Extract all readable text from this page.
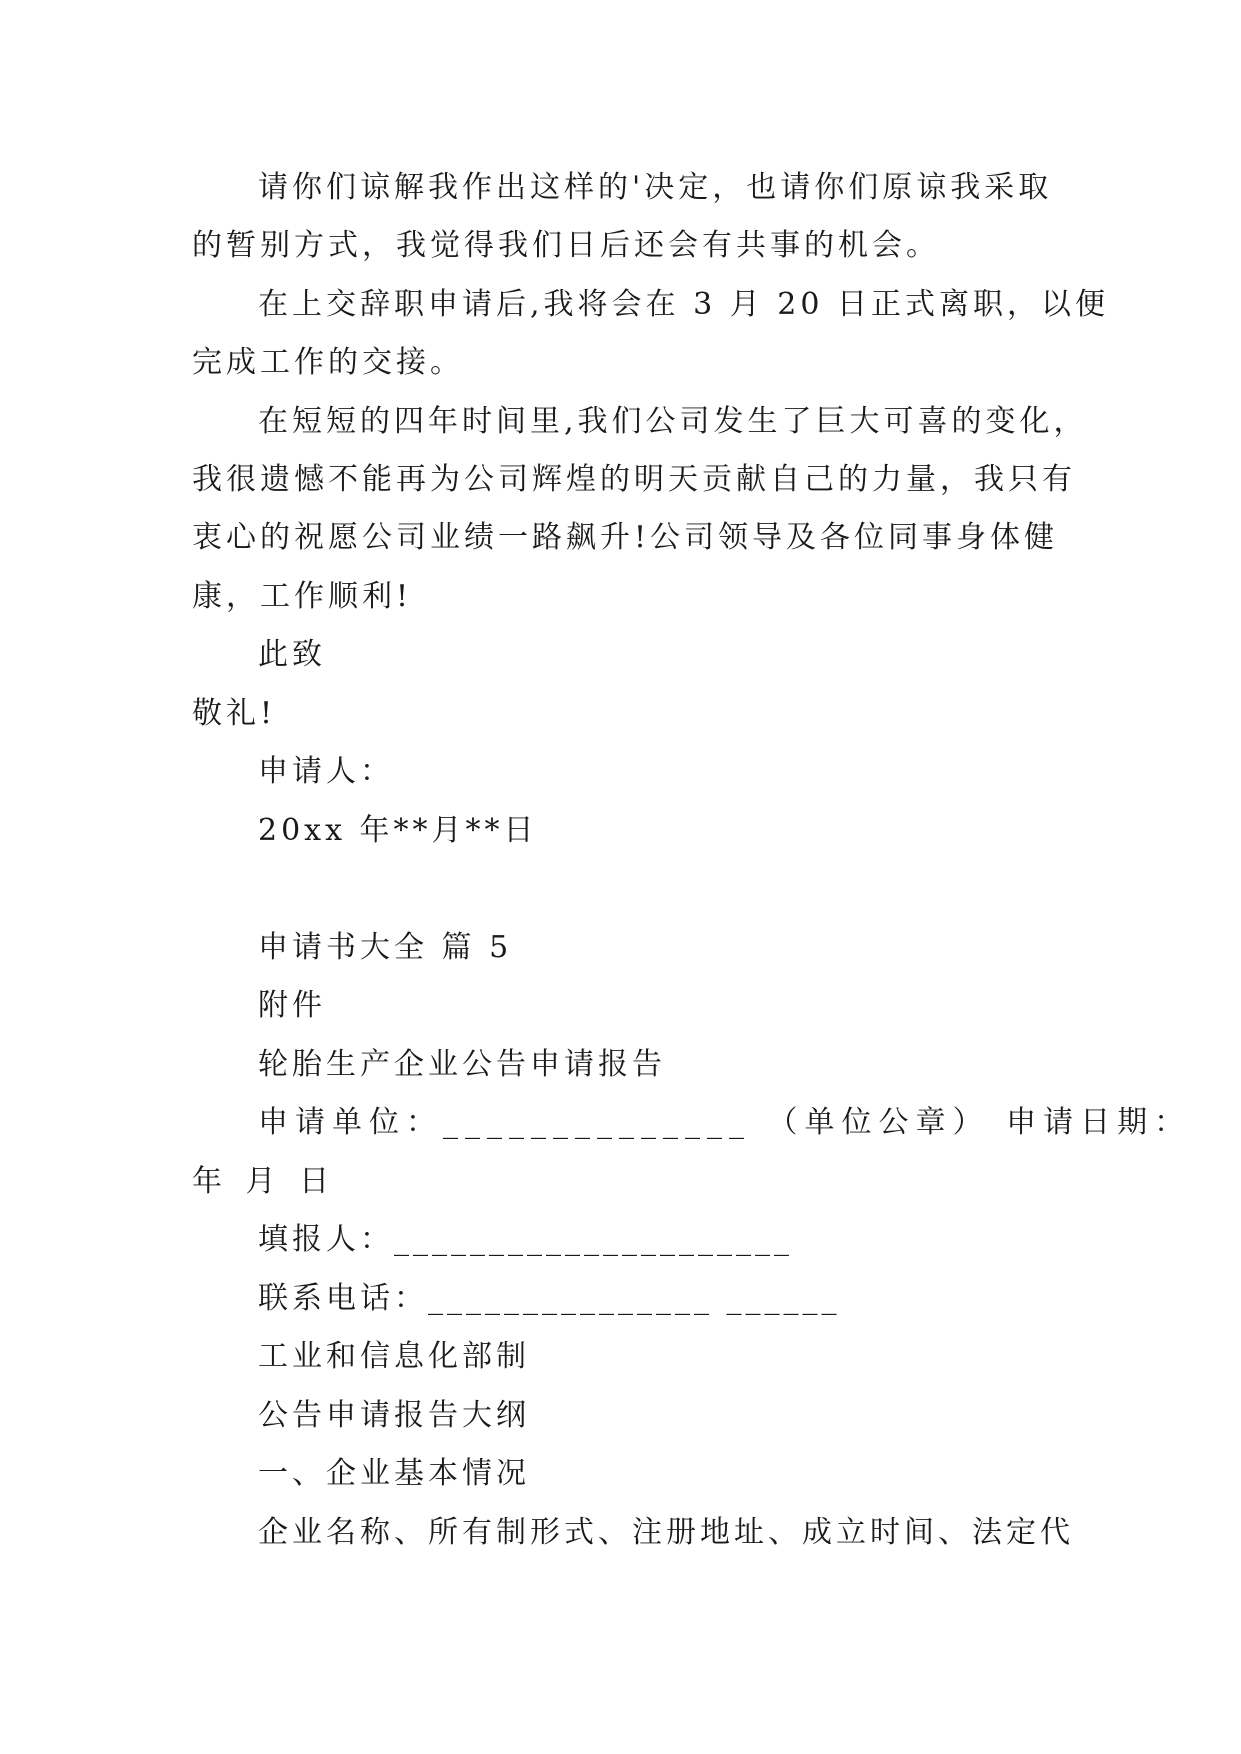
请你们谅解我作出这样的'决定，也请你们原谅我采取
的暂别方式，我觉得我们日后还会有共事的机会。
在上交辞职申请后,我将会在 3 月 20 日正式离职，以便
完成工作的交接。
在短短的四年时间里,我们公司发生了巨大可喜的变化，
我很遗憾不能再为公司辉煌的明天贡献自己的力量，我只有
衷心的祝愿公司业绩一路飙升!公司领导及各位同事身体健
康，工作顺利!
此致
敬礼!
申请人：
20xx 年**月**日
申请书大全 篇 5
附件
轮胎生产企业公告申请报告
申请单位：______________ （单位公章） 申请日期：
年 月 日
填报人：_____________________
联系电话：_______________ ______
工业和信息化部制
公告申请报告大纲
一、企业基本情况
企业名称、所有制形式、注册地址、成立时间、法定代
